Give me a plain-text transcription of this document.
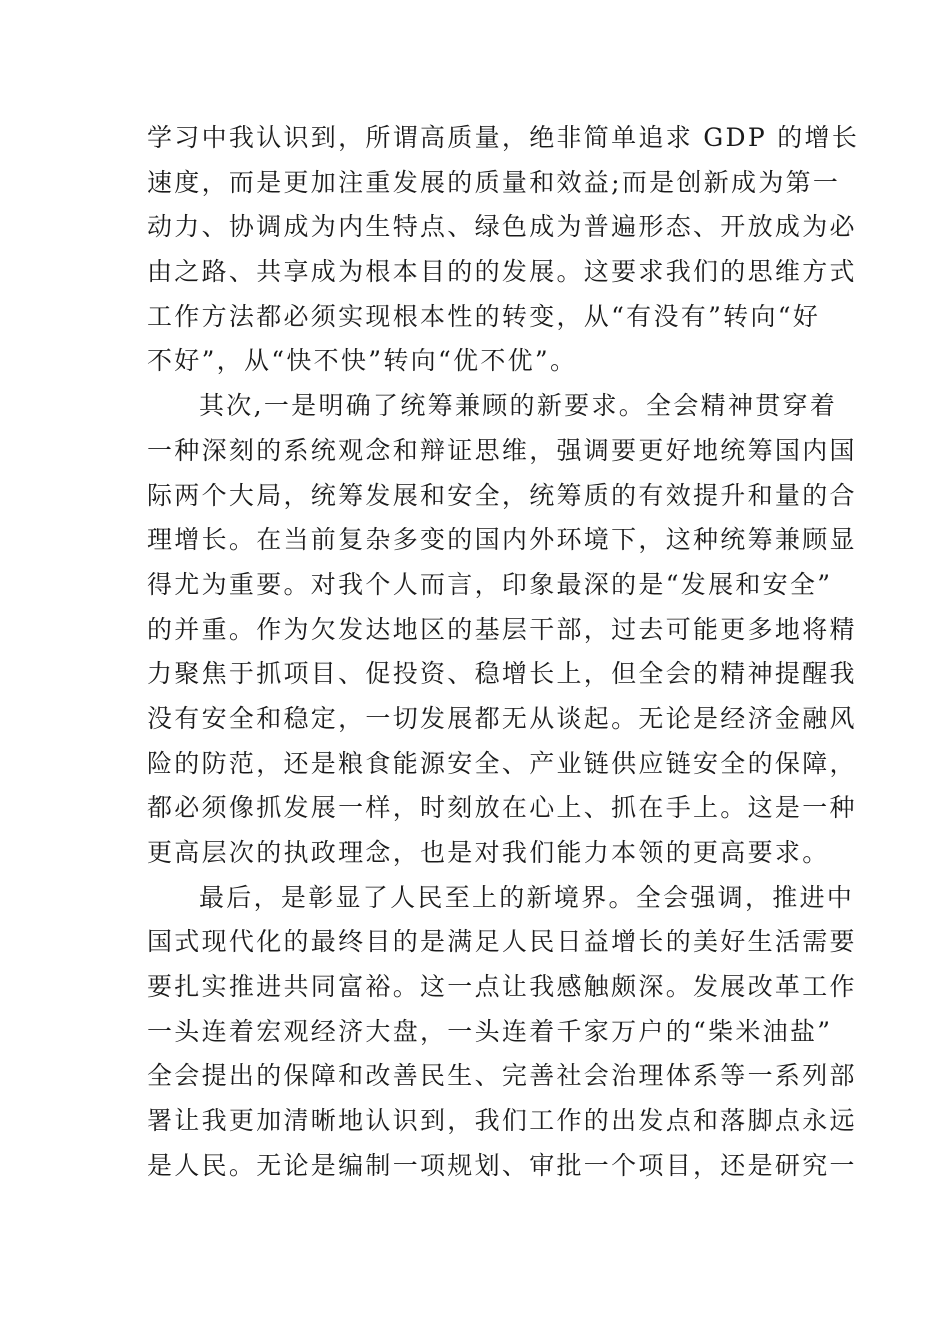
学习中我认识到，所谓高质量，绝非简单追求 GDP 的增长
速度，而是更加注重发展的质量和效益;而是创新成为第一
动力、协调成为内生特点、绿色成为普遍形态、开放成为必
由之路、共享成为根本目的的发展。这要求我们的思维方式
工作方法都必须实现根本性的转变，从“有没有”转向“好
不好”，从“快不快”转向“优不优”。
其次,一是明确了统筹兼顾的新要求。全会精神贯穿着
一种深刻的系统观念和辩证思维，强调要更好地统筹国内国
际两个大局，统筹发展和安全，统筹质的有效提升和量的合
理增长。在当前复杂多变的国内外环境下，这种统筹兼顾显
得尤为重要。对我个人而言，印象最深的是“发展和安全”
的并重。作为欠发达地区的基层干部，过去可能更多地将精
力聚焦于抓项目、促投资、稳增长上，但全会的精神提醒我
没有安全和稳定，一切发展都无从谈起。无论是经济金融风
险的防范，还是粮食能源安全、产业链供应链安全的保障，
都必须像抓发展一样，时刻放在心上、抓在手上。这是一种
更高层次的执政理念，也是对我们能力本领的更高要求。
最后，是彰显了人民至上的新境界。全会强调，推进中
国式现代化的最终目的是满足人民日益增长的美好生活需要
要扎实推进共同富裕。这一点让我感触颇深。发展改革工作
一头连着宏观经济大盘，一头连着千家万户的“柴米油盐”
全会提出的保障和改善民生、完善社会治理体系等一系列部
署让我更加清晰地认识到，我们工作的出发点和落脚点永远
是人民。无论是编制一项规划、审批一个项目，还是研究一
